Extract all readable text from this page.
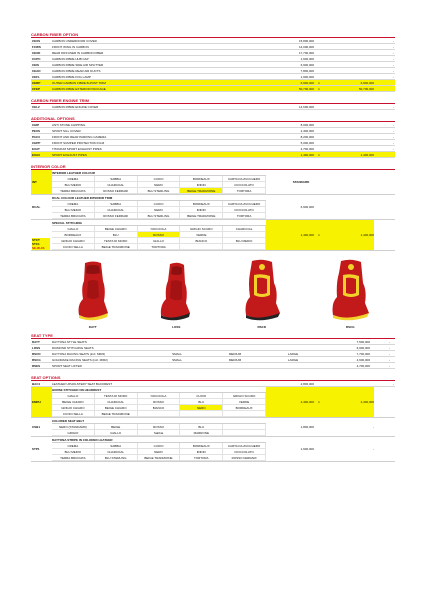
CARBON FIBER OPTION
CEXS	CARBON UNDERDOOR COVER	15,800,000	-
FCWS	FRONT WING IN CARBON	14,000,000	-
CEXD	REAR DIFFUSER IN CARBON FIBER	17,700,000	-
CUPC	CARBON FIBRE HUB CAP	1,600,000	-
CEIS	CARBON FIBRE SIDE AIR SPLITTER	6,900,000	-
CEAD	CARBON FIBRE REAR AIR DUCTS	7,800,000	-
CEFL	CARBON FIBRE FOG LAMP	1,900,000	-
CERP	OUTER CARBON FIBRE B-POST TRIM	6,900,000	1	6,900,000
CFEP	CARBON FIBRE EXTERIOR PACKAGE	50,700,000	1	50,700,000
CARBON FIBER ENGINE TRIM
CEL2	CARBON FIBRE ENGINE COVER	14,600,000	-
ADDITIONAL OPTIONS
CHIP	ANTI STONE CHIPPING	8,000,000	-
PEXS	SPORT SILL COVER	2,400,000	-
PAC3	FRONT AND REAR PARKING CAMERA	8,200,000	-
CHPP	FRONT SUMPER PROTECTION FILM	5,000,000	-
EXAT	TITANIUM SPORT EXHAUST PIPES	4,700,000	-
EXA3	SPORT EXHAUST PIPES	1,400,000	1	1,400,000
INTERIOR COLOR
INT
INTERIOR LEATHER COLOUR
CREMA	SABBIA	CUOIO	BORDEAUX	CARTA DA ZUCCHERO
BLU MEDIO	CHARCOAL	NERO	IRIDIO	CIOCCOLATO
TERRA BRUCIATA	ROSSO FERRARI	BLU STERLING	BEIGE TRADIZIONE	TORTORA
STANDARD
DUAL
DUAL COLOUR LEATHER INTERIOR TRIM
CREMA	SABBIA	CUOIO	BORDEAUX	CARTA DA ZUCCHERO
BLU MEDIO	CHARCOAL	NERO	IRIDIO	CIOCCOLATO
TERRA BRUCIATA	ROSSO FERRARI	BLU STERLING	BEIGE TRADIZIONE	TORTORA
6,900,000
STCT
STC1
SE-W-4S
SPECIAL STITCHING
GIALLO	BEIGE CHIARO	NOCCIOLA	GRIGIO SCURO	CHARCOAL
BORDEAUX	BLU	ROSSO	VERDE
GRIGIO CHIARO	TESTA DI MORO	GIALLO	BIANCO	BLU MEDIO
CUOIO SELLA	BEIGE TRADIZIONE	TORTORA
1,400,000	1	1,400,000
DAYT	LOSS	RSCD	RSCG
SEAT TYPE
DAYT	DAYTONA STYLE SEATS	7,500,000	-
LOSS	DIAMOND STITCHING SEATS	6,900,000	-
RSCD	DAYTONA RACING SEATS (incl. MIR2)	SMALL	MEDIUM	LARGE	7,700,000	-
RSCG	GOLDRAKE RACING SEATS (incl. MIR2)	SMALL	MEDIUM	LARGE	4,600,000	-
RSES	SPORT SEAT LIFTER	4,700,000	-
SEAT OPTIONS
BAC1	LEATHER UPHOLSTERY SEAT BACKREST	2,800,000	-
EMPH
HORSE STITCHED ON HEADREST
GIALLO	TESTA DI MORO	NOCCIOLA	CUOIO	GRIGIO SCURO
BEIGE CHIARO	CHARCOAL	ROSSO	BLU	VERDE
GRIGIO CHIARO	BEIGE CHIARO	BIANCO	NERO	BORDEAUX
CUOIO SELLA	BEIGE TRADIZIONE
2,400,000	1	2,400,000
CSB1
COLORED SEAT BELT
NERO (STANDARD)	BEIGE	ROSSO	BLU
GRIGIO	GIALLO	Sabbia	MARRONE
1,800,000	-
STP1
DAYTONA STRIPE IN COLORED LEATHER
CREMA	SABBIA	CUOIO	BORDEAUX	CARTA DA ZUCCHERO
BLU MEDIO	CHARCOAL	NERO	IRIDIO	CIOCCOLATO
TERRA BRUCIATA	BLU STERLING	BEIGE TRADIZIONE	TORTORA	ROSSO FERRARI
1,600,000	-
